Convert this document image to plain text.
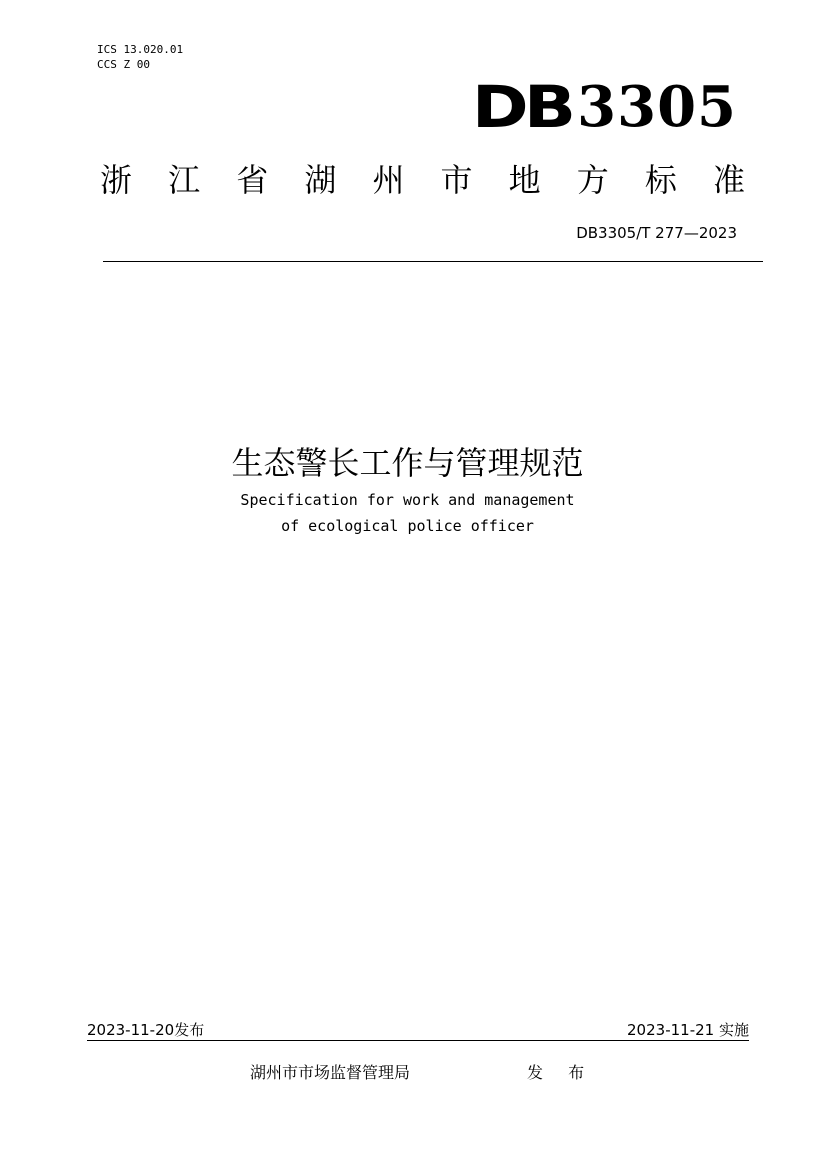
ICS 13.020.01
CCS Z 00
DB 3305
浙 江 省 湖 州 市 地 方 标 准
DB3305/T 277—2023
生态警长工作与管理规范
Specification for work and management
of ecological police officer
2023-11-20发布	2023-11-21 实施
湖州市市场监督管理局	发 布
